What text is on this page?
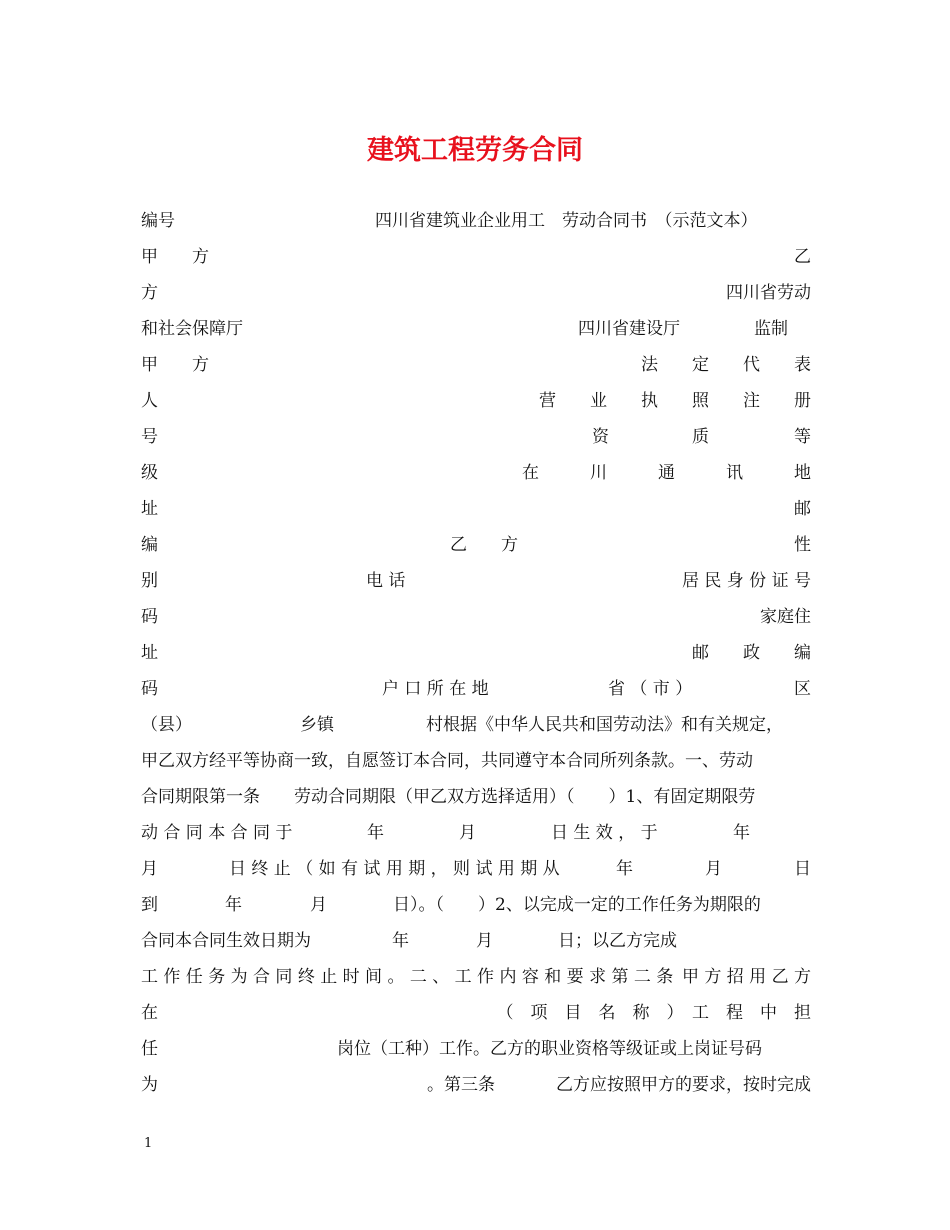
建筑工程劳务合同
编号	四川省建筑业企业用工　劳动合同书　（示范文本）
甲　　方	乙
方	四川省劳动
和社会保障厅	四川省建设厅	监制
甲　　方	法　　定　　代　　表
人	营　　业　　执　　照　　注　　册
号	资	质	等
级	在　　　川　　　通　　　讯　　　地
址	邮
编	乙　　方	性
别	电 话	居 民 身 份 证 号
码	家庭住
址	邮　　政　　编
码	户 口 所 在 地	省 （ 市 ）	区
（县）	乡镇	村根据《中华人民共和国劳动法》和有关规定，
甲乙双方经平等协商一致，自愿签订本合同，共同遵守本合同所列条款。一、劳动
合同期限第一条　　劳动合同期限（甲乙双方选择适用）（　　）1、有固定期限劳
动 合 同 本 合 同 于	年	月	日 生 效 ， 于	年
月	日 终 止 （ 如 有 试 用 期 ， 则 试 用 期 从	年	月	日
到	年	月	日）。（　　）2、以完成一定的工作任务为期限的
合同本合同生效日期为	年	月	日；以乙方完成
工 作 任 务 为 合 同 终 止 时 间 。 二 、 工 作 内 容 和 要 求 第 二 条 甲 方 招 用 乙 方
在	（　项　目　名　称　）　工　程　中　担
任	岗位（工种）工作。乙方的职业资格等级证或上岗证号码
为	。第三条	乙方应按照甲方的要求，按时完成
1
